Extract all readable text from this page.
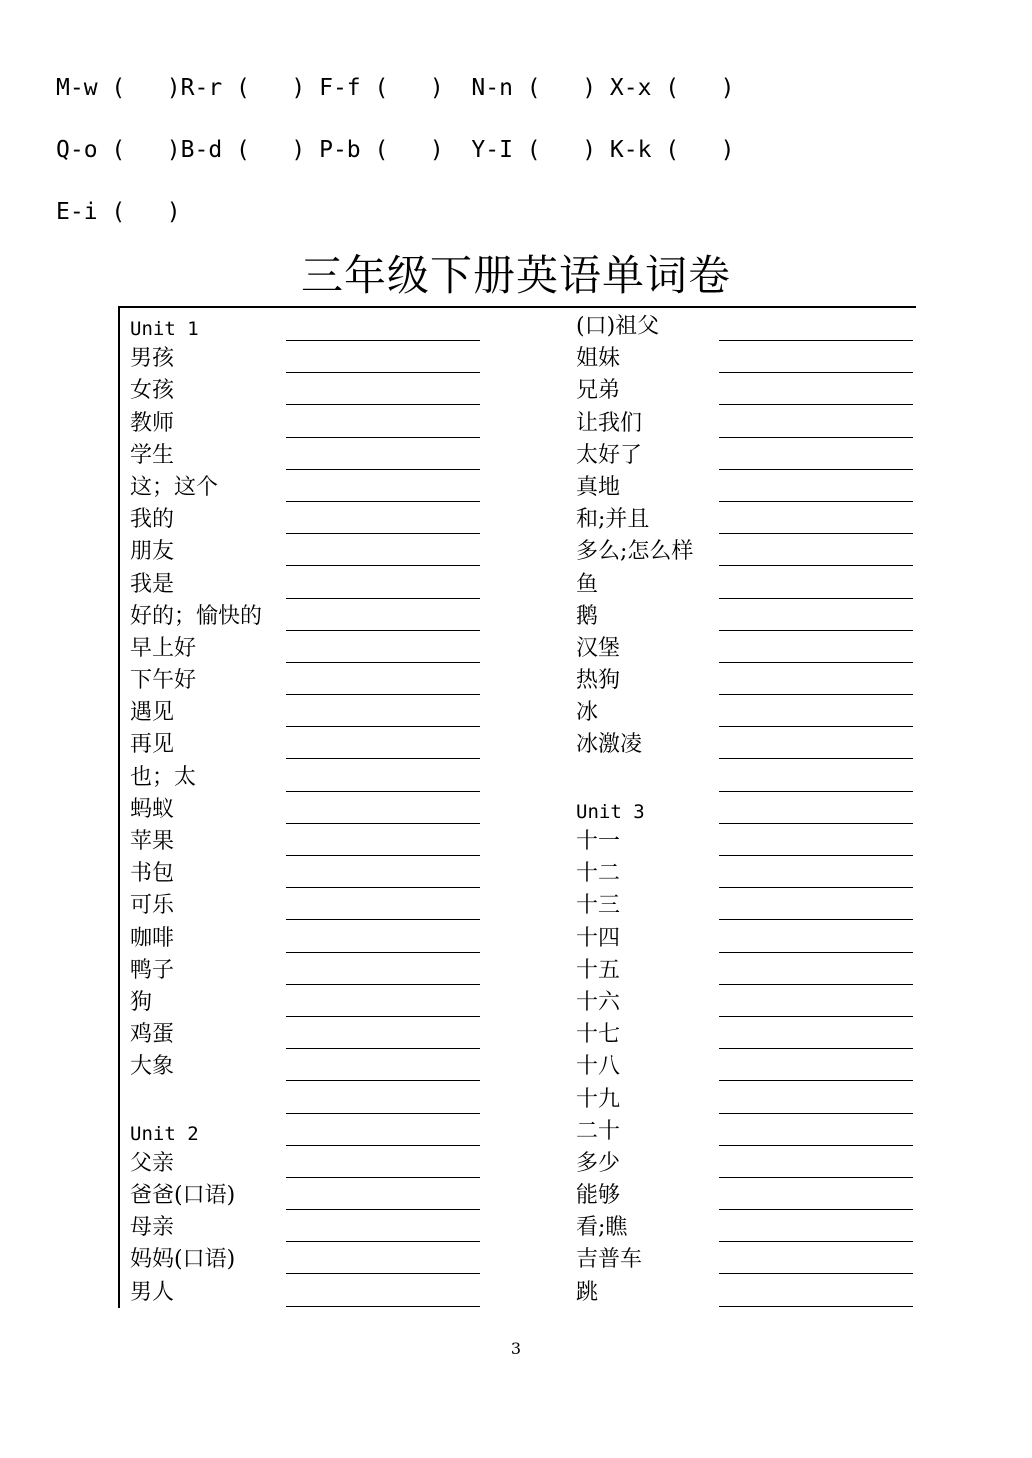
M-w (   )R-r (   ) F-f (   )  N-n (   ) X-x (   )
Q-o (   )B-d (   ) P-b (   )  Y-I (   ) K-k (   )
E-i (   )
三年级下册英语单词卷
Unit 1
男孩
女孩
教师
学生
这；这个
我的
朋友
我是
好的；愉快的
早上好
下午好
遇见
再见
也；太
蚂蚁
苹果
书包
可乐
咖啡
鸭子
狗
鸡蛋
大象
Unit 2
父亲
爸爸(口语)
母亲
妈妈(口语)
男人
(口)祖父
姐妹
兄弟
让我们
太好了
真地
和;并且
多么;怎么样
鱼
鹅
汉堡
热狗
冰
冰激凌
Unit 3
十一
十二
十三
十四
十五
十六
十七
十八
十九
二十
多少
能够
看;瞧
吉普车
跳
3
